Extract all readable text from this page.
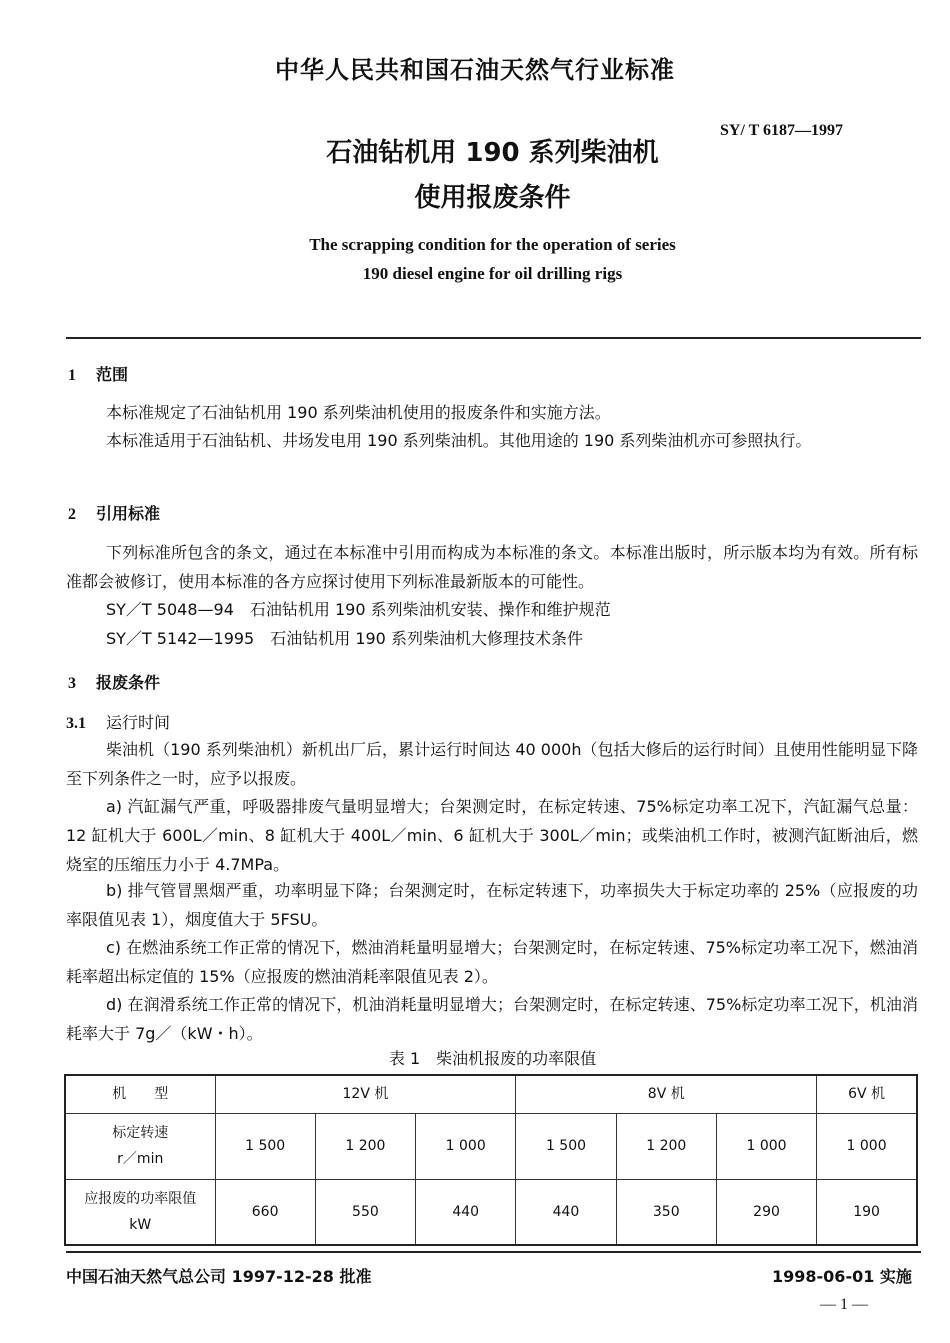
中华人民共和国石油天然气行业标准
SY/ T 6187—1997
石油钻机用 190 系列柴油机
使用报废条件
The scrapping condition for the operation of series
190 diesel engine for oil drilling rigs
1 范围
本标准规定了石油钻机用 190 系列柴油机使用的报废条件和实施方法。
本标准适用于石油钻机、井场发电用 190 系列柴油机。其他用途的 190 系列柴油机亦可参照执行。
2 引用标准
下列标准所包含的条文，通过在本标准中引用而构成为本标准的条文。本标准出版时，所示版本均为有效。所有标准都会被修订，使用本标准的各方应探讨使用下列标准最新版本的可能性。
SY／T 5048—94　石油钻机用 190 系列柴油机安装、操作和维护规范
SY／T 5142—1995　石油钻机用 190 系列柴油机大修理技术条件
3 报废条件
3.1 运行时间
柴油机（190 系列柴油机）新机出厂后，累计运行时间达 40 000h（包括大修后的运行时间）且使用性能明显下降至下列条件之一时，应予以报废。
a) 汽缸漏气严重，呼吸器排废气量明显增大；台架测定时，在标定转速、75%标定功率工况下，汽缸漏气总量：12 缸机大于 600L／min、8 缸机大于 400L／min、6 缸机大于 300L／min；或柴油机工作时，被测汽缸断油后，燃烧室的压缩压力小于 4.7MPa。
b) 排气管冒黑烟严重，功率明显下降；台架测定时，在标定转速下，功率损失大于标定功率的 25%（应报废的功率限值见表 1），烟度值大于 5FSU。
c) 在燃油系统工作正常的情况下，燃油消耗量明显增大；台架测定时，在标定转速、75%标定功率工况下，燃油消耗率超出标定值的 15%（应报废的燃油消耗率限值见表 2）。
d) 在润滑系统工作正常的情况下，机油消耗量明显增大；台架测定时，在标定转速、75%标定功率工况下，机油消耗率大于 7g／（kW・h）。
表 1　柴油机报废的功率限值
机　　型	12V 机			8V 机			6V 机

标定转速
r／min	1 500	1 200	1 000	1 500	1 200	1 000	1 000

应报废的功率限值
kW	660	550	440	440	350	290	190
中国石油天然气总公司 1997-12-28 批准	1998-06-01 实施
— 1 —
